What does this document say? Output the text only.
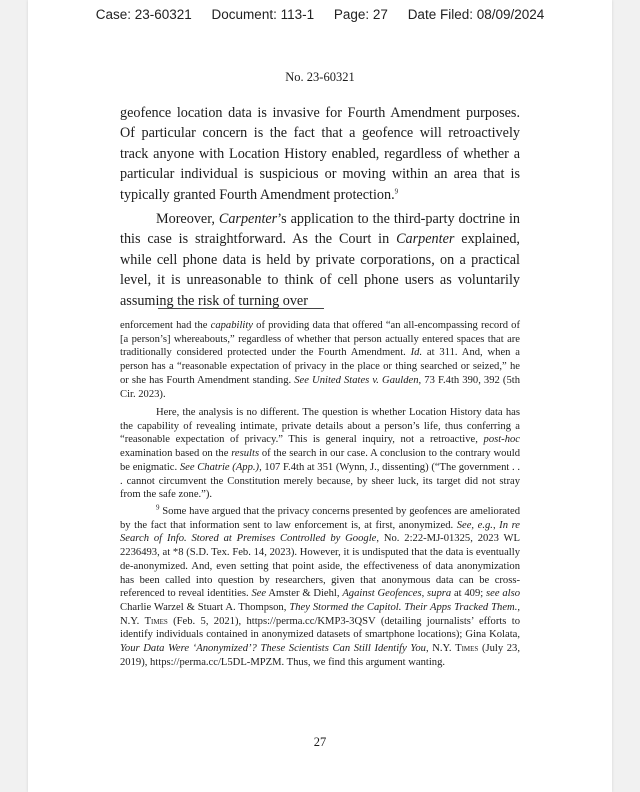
Case: 23-60321 Document: 113-1 Page: 27 Date Filed: 08/09/2024
No. 23-60321

geofence location data is invasive for Fourth Amendment purposes. Of particular concern is the fact that a geofence will retroactively track anyone with Location History enabled, regardless of whether a particular individual is suspicious or moving within an area that is typically granted Fourth Amendment protection.$^9$

Moreover, Carpenter’s application to the third-party doctrine in this case is straightforward. As the Court in Carpenter explained, while cell phone data is held by private corporations, on a practical level, it is unreasonable to think of cell phone users as voluntarily assuming the risk of turning over

enforcement had the capability of providing data that offered “an all-encompassing record of [a person’s] whereabouts,” regardless of whether that person actually entered spaces that are traditionally considered protected under the Fourth Amendment. Id. at 311. And, when a person has a “reasonable expectation of privacy in the place or thing searched or seized,” he or she has Fourth Amendment standing. See United States v. Gaulden, 73 F.4th 390, 392 (5th Cir. 2023).

Here, the analysis is no different. The question is whether Location History data has the capability of revealing intimate, private details about a person’s life, thus conferring a “reasonable expectation of privacy.” This is general inquiry, not a retroactive, post-hoc examination based on the results of the search in our case. A conclusion to the contrary would be enigmatic. See Chatrie (App.), 107 F.4th at 351 (Wynn, J., dissenting) (“The government . . . cannot circumvent the Constitution merely because, by sheer luck, its target did not stray from the safe zone.”).

$^9$ Some have argued that the privacy concerns presented by geofences are ameliorated by the fact that information sent to law enforcement is, at first, anonymized. See, e.g., In re Search of Info. Stored at Premises Controlled by Google, No. 2:22-MJ-01325, 2023 WL 2236493, at *8 (S.D. Tex. Feb. 14, 2023). However, it is undisputed that the data is eventually de-anonymized. And, even setting that point aside, the effectiveness of data anonymization has been called into question by researchers, given that anonymous data can be cross-referenced to reveal identities. See Amster & Diehl, Against Geofences, supra at 409; see also Charlie Warzel & Stuart A. Thompson, They Stormed the Capitol. Their Apps Tracked Them., N.Y. Times (Feb. 5, 2021), https://perma.cc/KMP3-3QSV (detailing journalists’ efforts to identify individuals contained in anonymized datasets of smartphone locations); Gina Kolata, Your Data Were ‘Anonymized’? These Scientists Can Still Identify You, N.Y. Times (July 23, 2019), https://perma.cc/L5DL-MPZM. Thus, we find this argument wanting.

27
